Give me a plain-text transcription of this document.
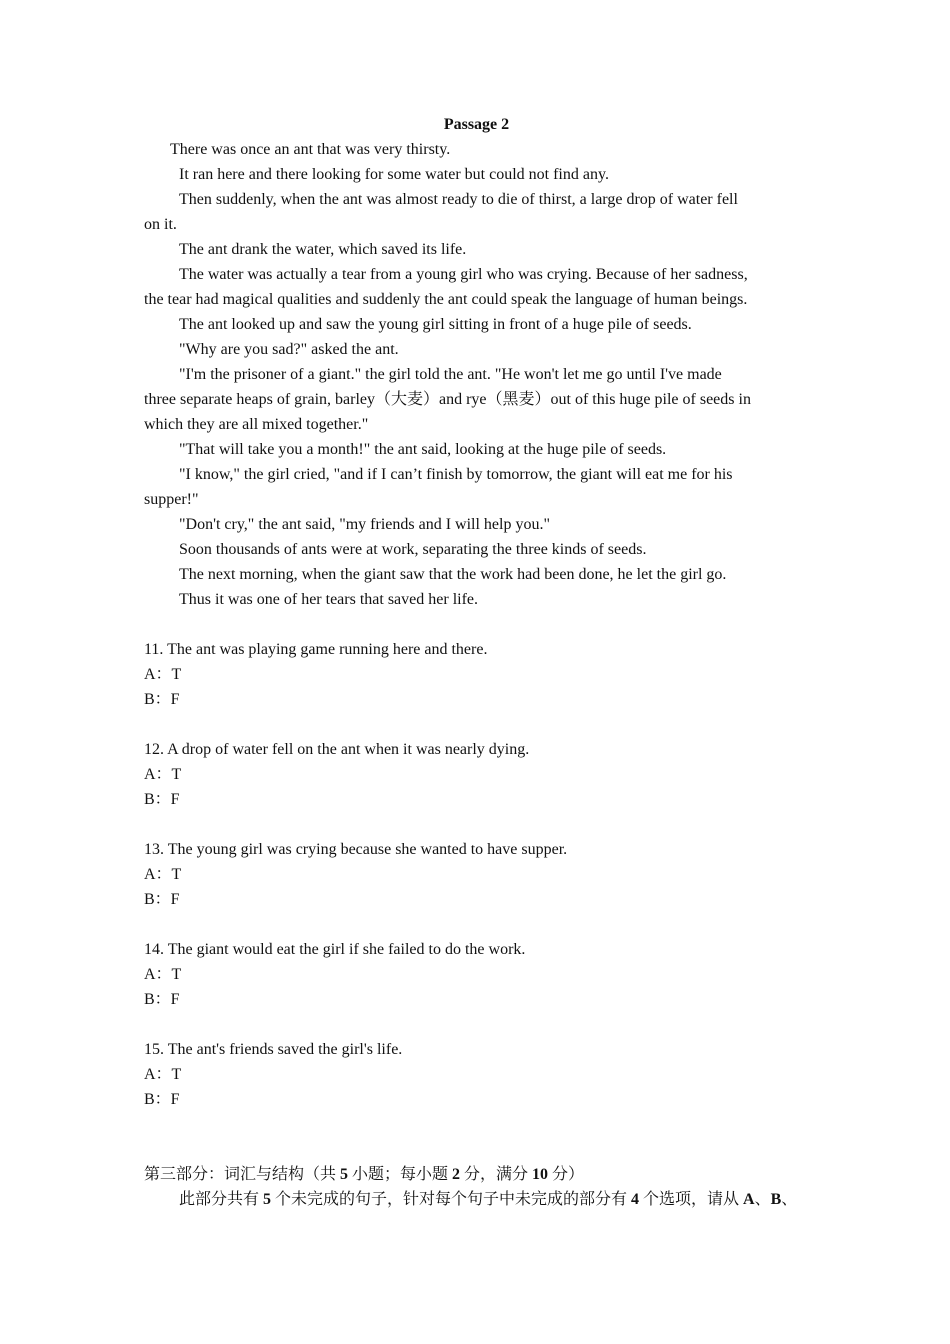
Passage 2
There was once an ant that was very thirsty.
It ran here and there looking for some water but could not find any.
Then suddenly, when the ant was almost ready to die of thirst, a large drop of water fell
on it.
The ant drank the water, which saved its life.
The water was actually a tear from a young girl who was crying. Because of her sadness,
the tear had magical qualities and suddenly the ant could speak the language of human beings.
The ant looked up and saw the young girl sitting in front of a huge pile of seeds.
"Why are you sad?" asked the ant.
"I'm the prisoner of a giant." the girl told the ant. "He won't let me go until I've made
three separate heaps of grain, barley（大麦）and rye（黑麦）out of this huge pile of seeds in
which they are all mixed together."
"That will take you a month!" the ant said, looking at the huge pile of seeds.
"I know," the girl cried, "and if I can’t finish by tomorrow, the giant will eat me for his
supper!"
"Don't cry," the ant said, "my friends and I will help you."
Soon thousands of ants were at work, separating the three kinds of seeds.
The next morning, when the giant saw that the work had been done, he let the girl go.
Thus it was one of her tears that saved her life.
11. The ant was playing game running here and there.
A：T
B：F
12. A drop of water fell on the ant when it was nearly dying.
A：T
B：F
13. The young girl was crying because she wanted to have supper.
A：T
B：F
14. The giant would eat the girl if she failed to do the work.
A：T
B：F
15. The ant's friends saved the girl's life.
A：T
B：F
第三部分：词汇与结构（共 5 小题；每小题 2 分，满分 10 分）
此部分共有 5 个未完成的句子，针对每个句子中未完成的部分有 4 个选项，请从 A、B、
